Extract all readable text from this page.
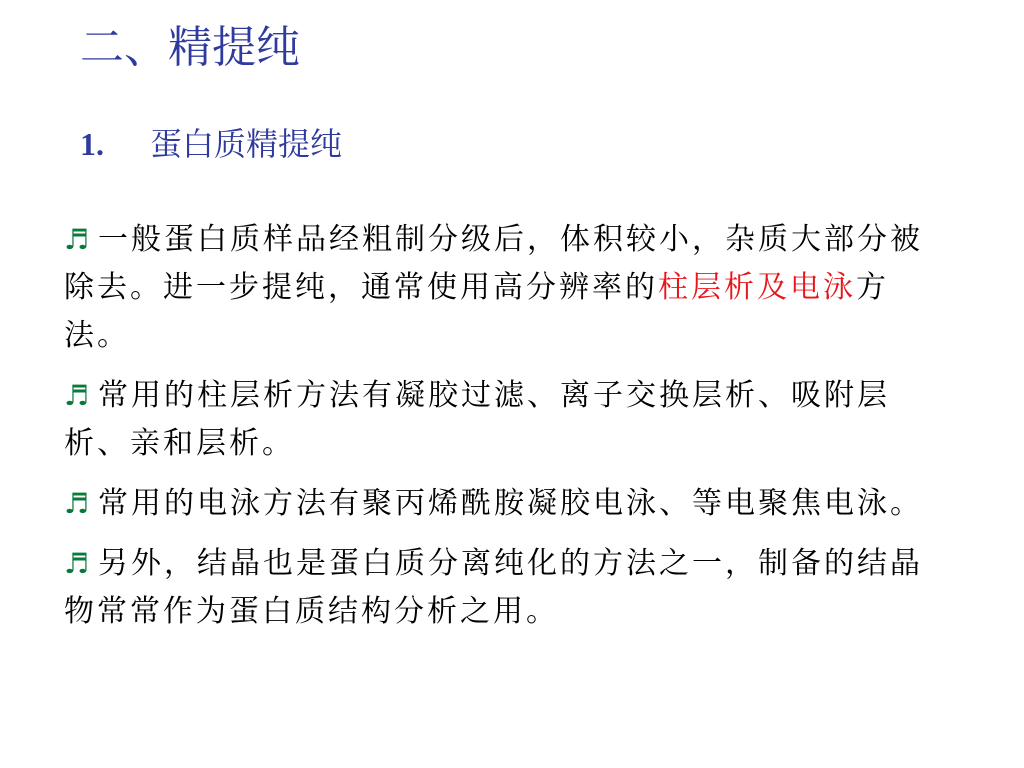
二、精提纯
1. 蛋白质精提纯

♬ 一般蛋白质样品经粗制分级后，体积较小，杂质大部分被除去。进一步提纯，通常使用高分辨率的柱层析及电泳方法。

♬ 常用的柱层析方法有凝胶过滤、离子交换层析、吸附层析、亲和层析。

♬ 常用的电泳方法有聚丙烯酰胺凝胶电泳、等电聚焦电泳。

♬ 另外，结晶也是蛋白质分离纯化的方法之一，制备的结晶物常常作为蛋白质结构分析之用。
